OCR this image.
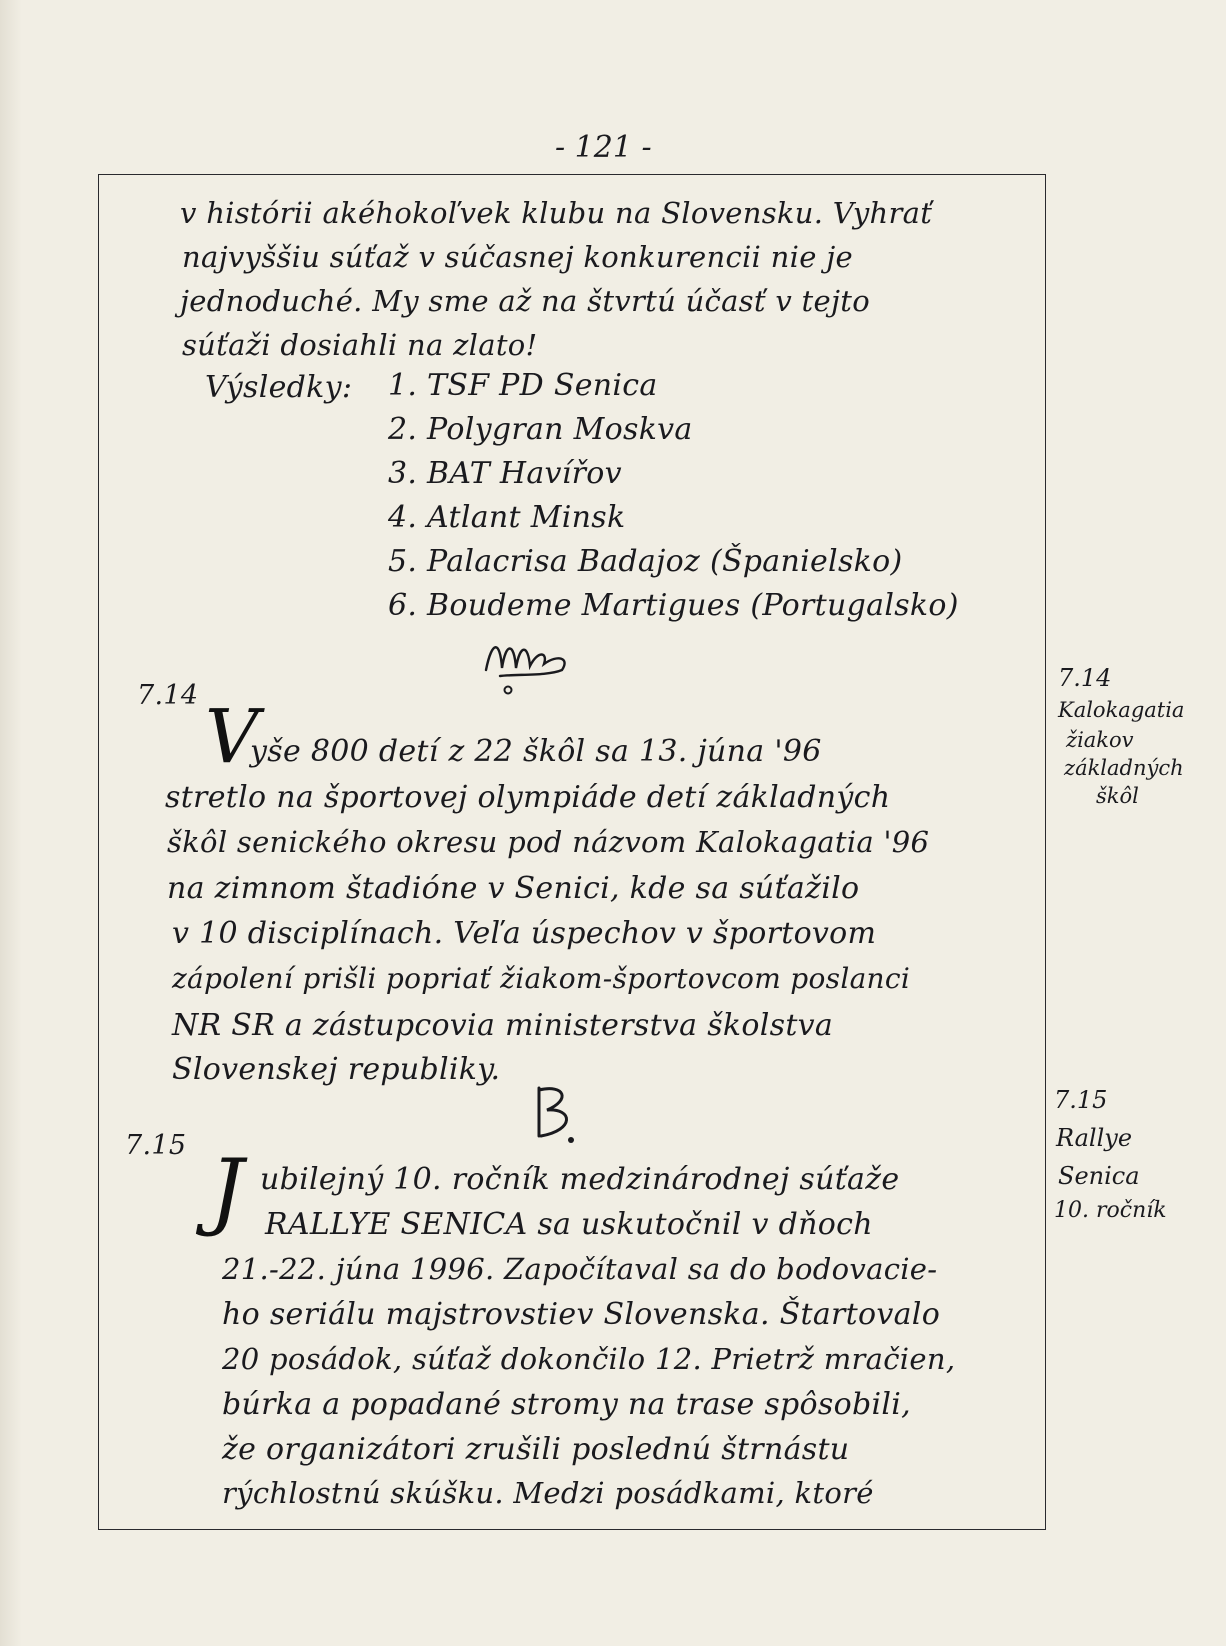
- 121 -
v histórii akéhokoľvek klubu na Slovensku. Vyhrať
najvyššiu súťaž v súčasnej konkurencii nie je
jednoduché. My sme až na štvrtú účasť v tejto
súťaži dosiahli na zlato!
Výsledky: 1. TSF PD Senica
2. Polygran Moskva
3. BAT Havířov
4. Atlant Minsk
5. Palacrisa Badajoz (Španielsko)
6. Boudeme Martigues (Portugalsko)
7.14 V
yše 800 detí z 22 škôl sa 13. júna '96
stretlo na športovej olympiáde detí základných
škôl senického okresu pod názvom Kalokagatia '96
na zimnom štadióne v Senici, kde sa súťažilo
v 10 disciplínach. Veľa úspechov v športovom
zápolení prišli popriať žiakom-športovcom poslanci
NR SR a zástupcovia ministerstva školstva
Slovenskej republiky.
7.15 J ubilejný 10. ročník medzinárodnej súťaže
RALLYE SENICA sa uskutočnil v dňoch
21.-22. júna 1996. Započítaval sa do bodovacie-
ho seriálu majstrovstiev Slovenska. Štartovalo
20 posádok, súťaž dokončilo 12. Prietrž mračien,
búrka a popadané stromy na trase spôsobili,
že organizátori zrušili poslednú štrnástu
rýchlostnú skúšku. Medzi posádkami, ktoré
7.14
Kalokagatia
žiakov
základných
škôl
7.15
Rallye
Senica
10. ročník
